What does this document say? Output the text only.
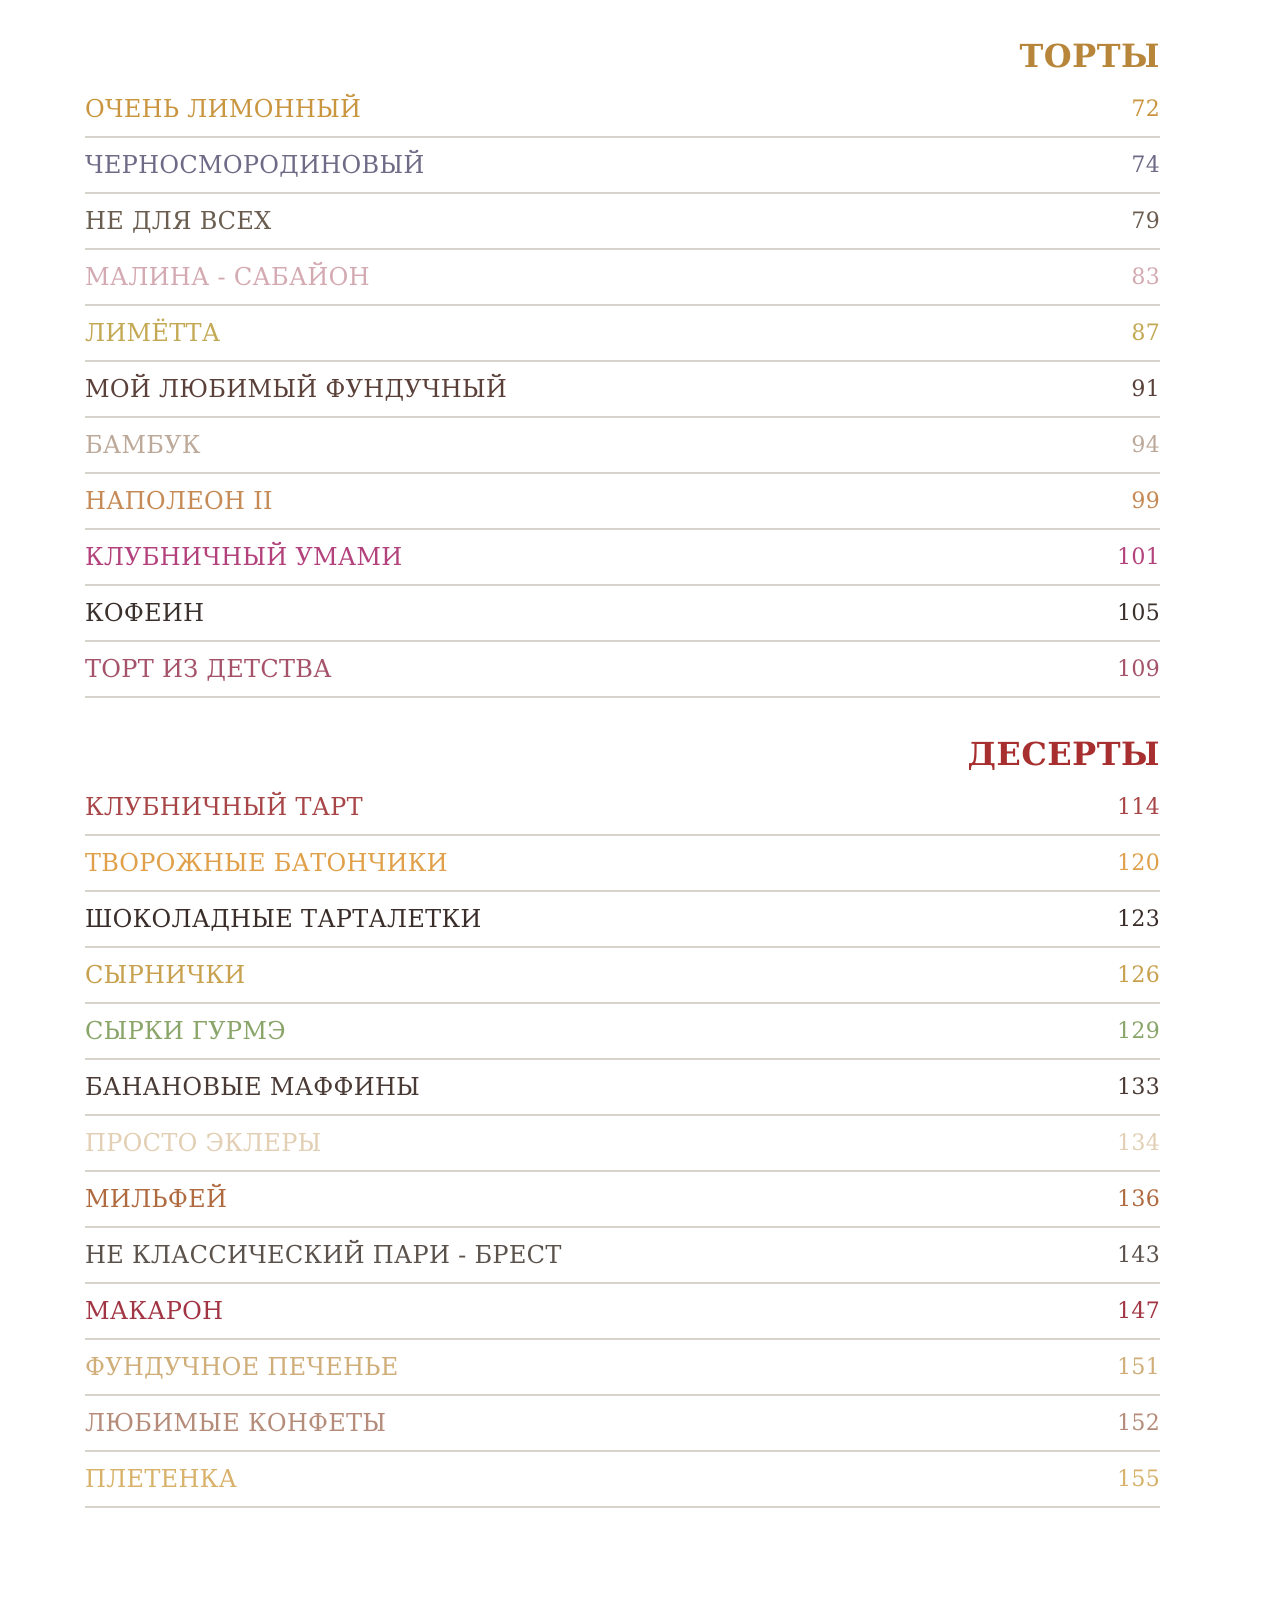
ТОРТЫ
ОЧЕНЬ ЛИМОННЫЙ	72
ЧЕРНОСМОРОДИНОВЫЙ	74
НЕ ДЛЯ ВСЕХ	79
МАЛИНА - САБАЙОН	83
ЛИМЁТТА	87
МОЙ ЛЮБИМЫЙ ФУНДУЧНЫЙ	91
БАМБУК	94
НАПОЛЕОН II	99
КЛУБНИЧНЫЙ УМАМИ	101
КОФЕИН	105
ТОРТ ИЗ ДЕТСТВА	109
ДЕСЕРТЫ
КЛУБНИЧНЫЙ ТАРТ	114
ТВОРОЖНЫЕ БАТОНЧИКИ	120
ШОКОЛАДНЫЕ ТАРТАЛЕТКИ	123
СЫРНИЧКИ	126
СЫРКИ ГУРМЭ	129
БАНАНОВЫЕ МАФФИНЫ	133
ПРОСТО ЭКЛЕРЫ	134
МИЛЬФЕЙ	136
НЕ КЛАССИЧЕСКИЙ ПАРИ - БРЕСТ	143
МАКАРОН	147
ФУНДУЧНОЕ ПЕЧЕНЬЕ	151
ЛЮБИМЫЕ КОНФЕТЫ	152
ПЛЕТЕНКА	155
